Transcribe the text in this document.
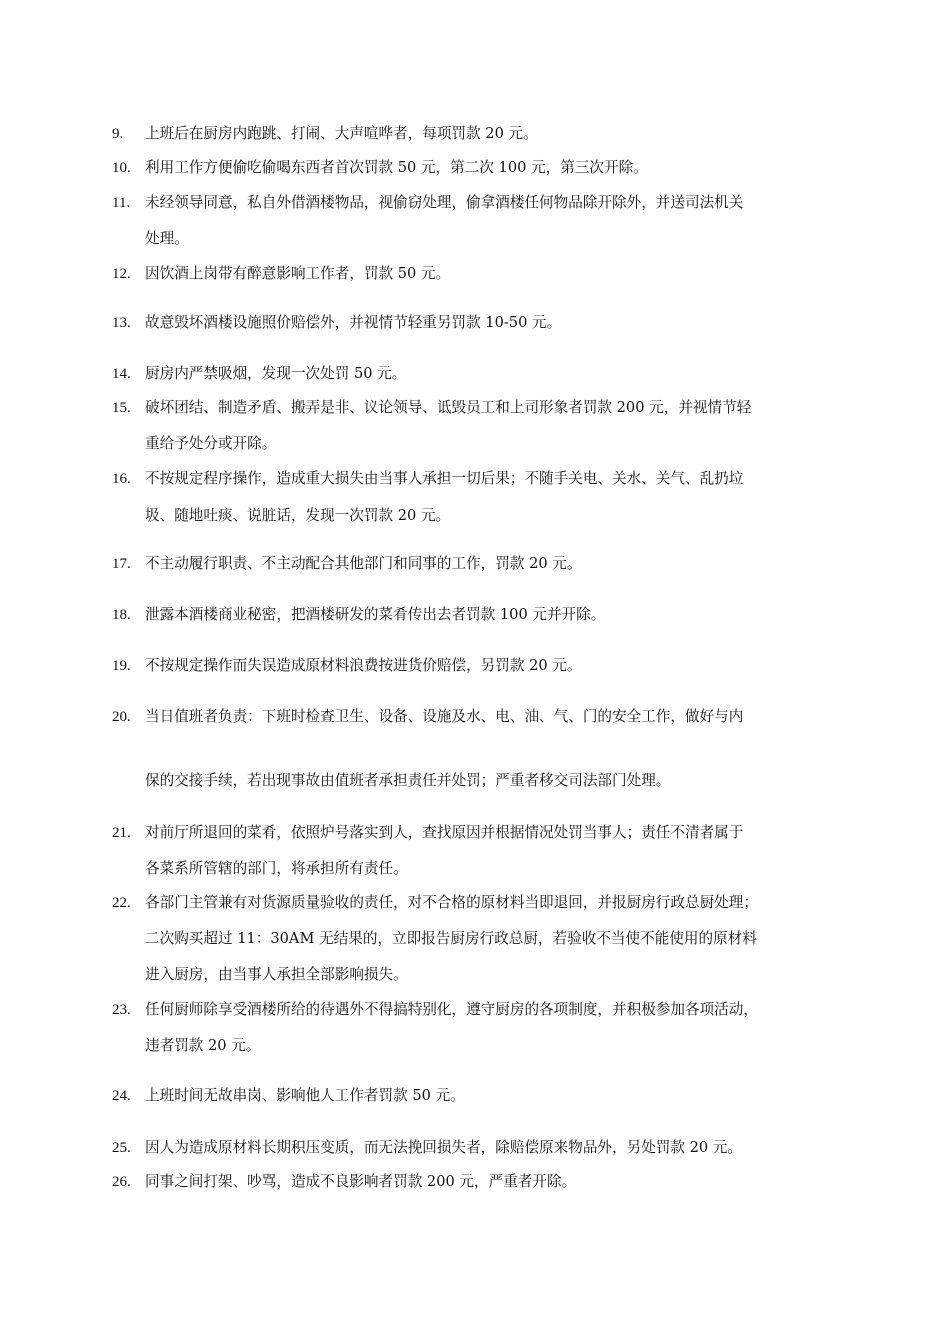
9.	上班后在厨房内跑跳、打闹、大声喧哗者，每项罚款 20 元。
10. 利用工作方便偷吃偷喝东西者首次罚款 50 元，第二次 100 元，第三次开除。
11.	未经领导同意，私自外借酒楼物品，视偷窃处理，偷拿酒楼任何物品除开除外，并送司法机关
处理。
12. 因饮酒上岗带有醉意影响工作者，罚款 50 元。
13. 故意毁坏酒楼设施照价赔偿外，并视情节轻重另罚款 10-50 元。
14. 厨房内严禁吸烟，发现一次处罚 50 元。
15. 破坏团结、制造矛盾、搬弄是非、议论领导、诋毁员工和上司形象者罚款 200 元，并视情节轻
重给予处分或开除。
16. 不按规定程序操作，造成重大损失由当事人承担一切后果；不随手关电、关水、关气、乱扔垃
圾、随地吐痰、说脏话，发现一次罚款 20 元。
17. 不主动履行职责、不主动配合其他部门和同事的工作，罚款 20 元。
18. 泄露本酒楼商业秘密，把酒楼研发的菜肴传出去者罚款 100 元并开除。
19. 不按规定操作而失误造成原材料浪费按进货价赔偿，另罚款 20 元。
20. 当日值班者负责：下班时检查卫生、设备、设施及水、电、油、气、门的安全工作，做好与内
保的交接手续，若出现事故由值班者承担责任并处罚；严重者移交司法部门处理。
21. 对前厅所退回的菜肴，依照炉号落实到人，查找原因并根据情况处罚当事人；责任不清者属于
各菜系所管辖的部门，将承担所有责任。
22. 各部门主管兼有对货源质量验收的责任，对不合格的原材料当即退回，并报厨房行政总厨处理；
二次购买超过 11：30AM 无结果的，立即报告厨房行政总厨，若验收不当使不能使用的原材料
进入厨房，由当事人承担全部影响损失。
23. 任何厨师除享受酒楼所给的待遇外不得搞特别化，遵守厨房的各项制度，并积极参加各项活动，
违者罚款 20 元。
24. 上班时间无故串岗、影响他人工作者罚款 50 元。
25. 因人为造成原材料长期积压变质，而无法挽回损失者，除赔偿原来物品外，另处罚款 20 元。
26. 同事之间打架、吵骂，造成不良影响者罚款 200 元，严重者开除。
